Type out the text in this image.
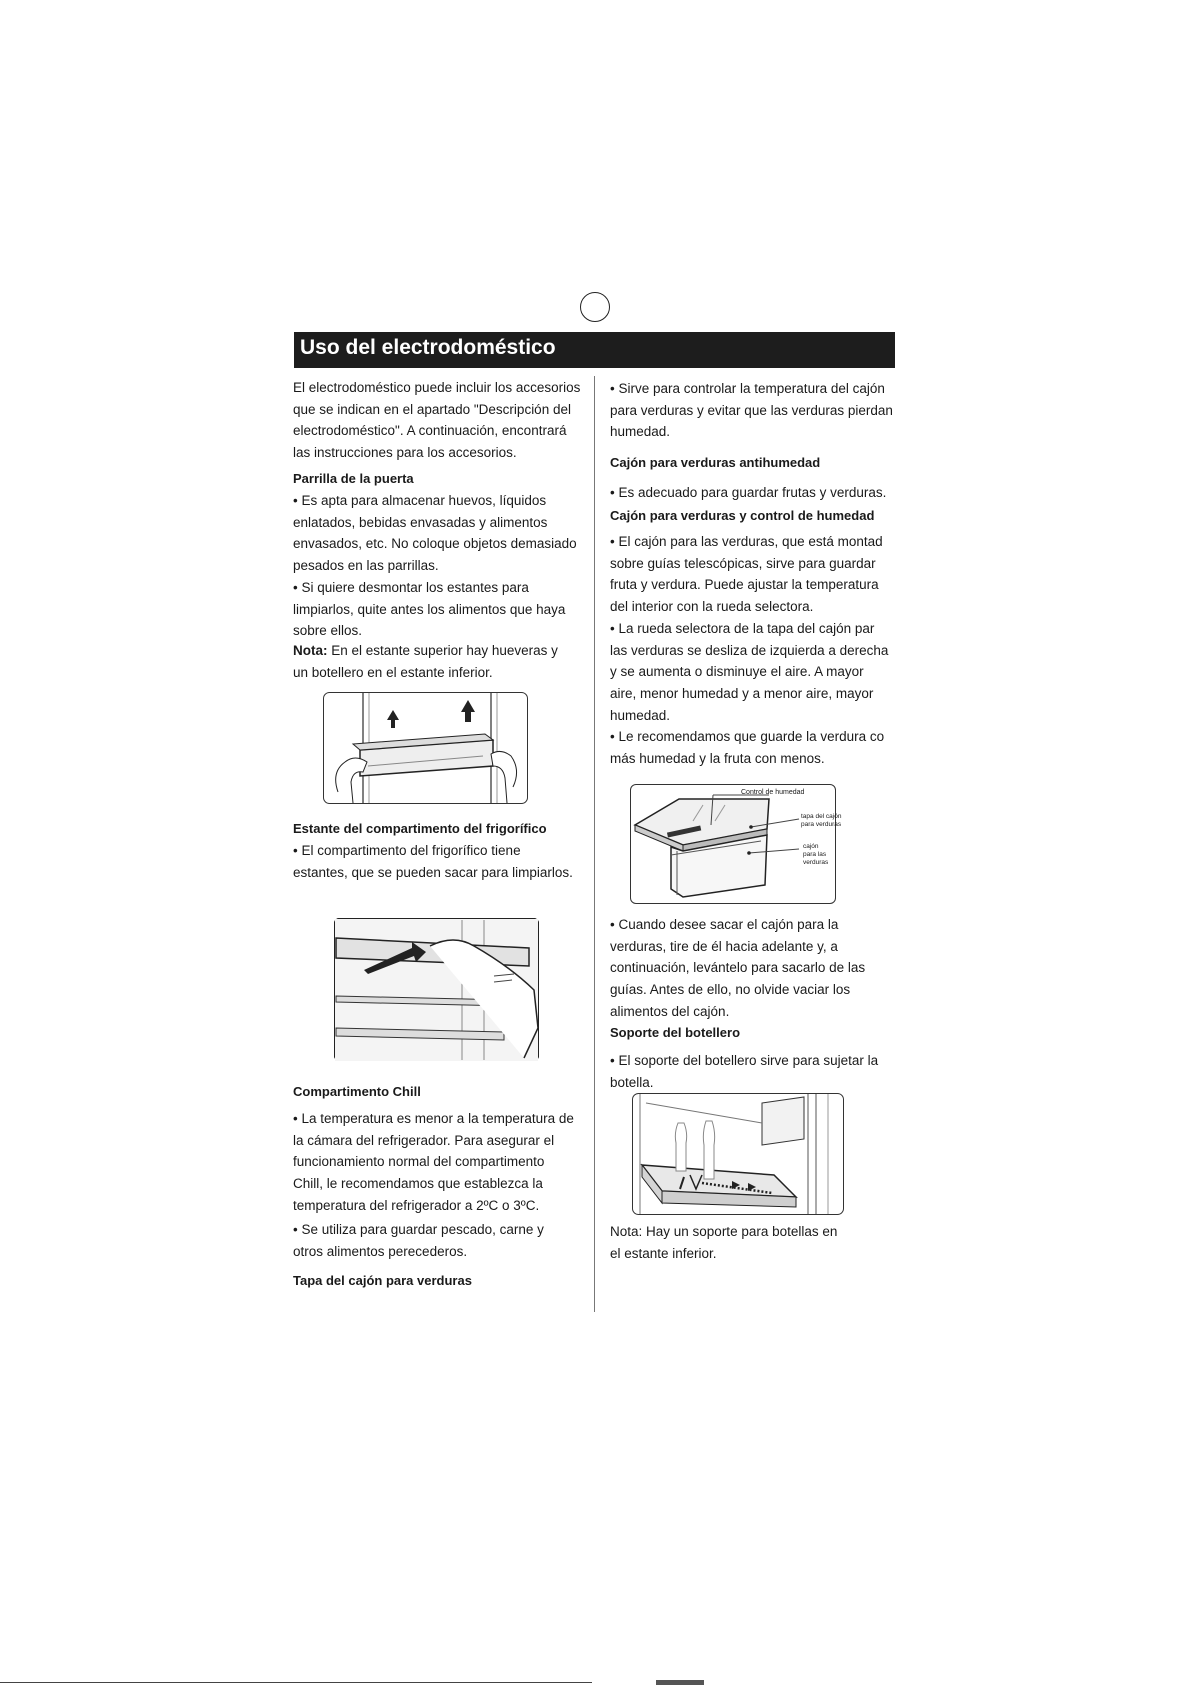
Uso del electrodoméstico
El electrodoméstico puede incluir los accesorios
que se indican en el apartado "Descripción del
electrodoméstico". A continuación, encontrará
las instrucciones para los accesorios.
Parrilla de la puerta
• Es apta para almacenar huevos, líquidos
enlatados, bebidas envasadas y alimentos
envasados, etc. No coloque objetos demasiado
pesados en las parrillas.
• Si quiere desmontar los estantes para
limpiarlos, quite antes los alimentos que haya
sobre ellos.
Nota: En el estante superior hay hueveras y
un botellero en el estante inferior.
Estante del compartimento del frigorífico
• El compartimento del frigorífico tiene
estantes, que se pueden sacar para limpiarlos.
Compartimento Chill
• La temperatura es menor a la temperatura de
la cámara del refrigerador. Para asegurar el
funcionamiento normal del compartimento
Chill, le recomendamos que establezca la
temperatura del refrigerador a 2ºC o 3ºC.
• Se utiliza para guardar pescado, carne y
otros alimentos perecederos.
Tapa del cajón para verduras
• Sirve para controlar la temperatura del cajón
para verduras y evitar que las verduras pierdan
humedad.
Cajón para verduras antihumedad
• Es adecuado para guardar frutas y verduras.
Cajón para verduras y control de humedad
• El cajón para las verduras, que está montad
sobre guías telescópicas, sirve para guardar
fruta y verdura. Puede ajustar la temperatura
del interior con la rueda selectora.
• La rueda selectora de la tapa del cajón par
las verduras se desliza de izquierda a derecha
y se aumenta o disminuye el aire. A mayor
aire, menor humedad y a menor aire, mayor
humedad.
• Le recomendamos que guarde la verdura co
más humedad y la fruta con menos.
Control de humedad
tapa del cajón
para verduras
cajón
para las
verduras
• Cuando desee sacar el cajón para la
verduras, tire de él hacia adelante y, a
continuación, levántelo para sacarlo de las
guías. Antes de ello, no olvide vaciar los
alimentos del cajón.
Soporte del botellero
• El soporte del botellero sirve para sujetar la
botella.
Nota: Hay un soporte para botellas en
el estante inferior.
